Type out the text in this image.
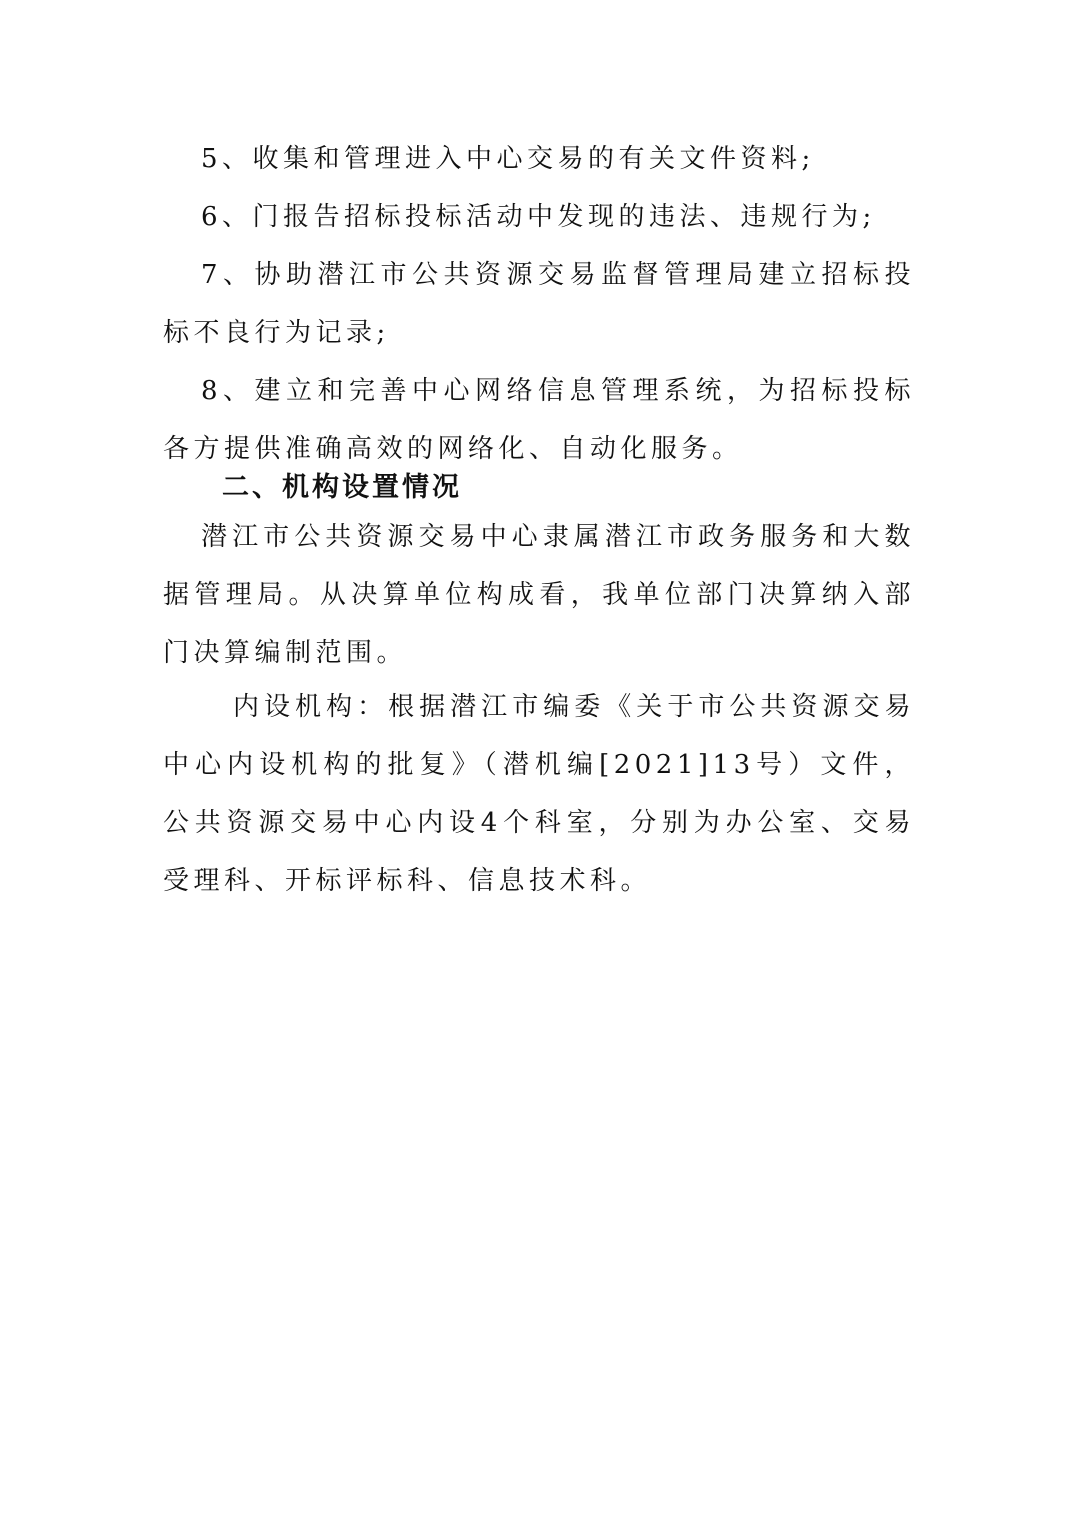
5、收集和管理进入中心交易的有关文件资料;

6、门报告招标投标活动中发现的违法、违规行为;

7、协助潜江市公共资源交易监督管理局建立招标投标不良行为记录;

8、建立和完善中心网络信息管理系统，为招标投标各方提供准确高效的网络化、自动化服务。

二、机构设置情况

潜江市公共资源交易中心隶属潜江市政务服务和大数据管理局。从决算单位构成看，我单位部门决算纳入部门决算编制范围。

内设机构：根据潜江市编委《关于市公共资源交易中心内设机构的批复》（潜机编[2021]13号）文件，公共资源交易中心内设4个科室，分别为办公室、交易受理科、开标评标科、信息技术科。
